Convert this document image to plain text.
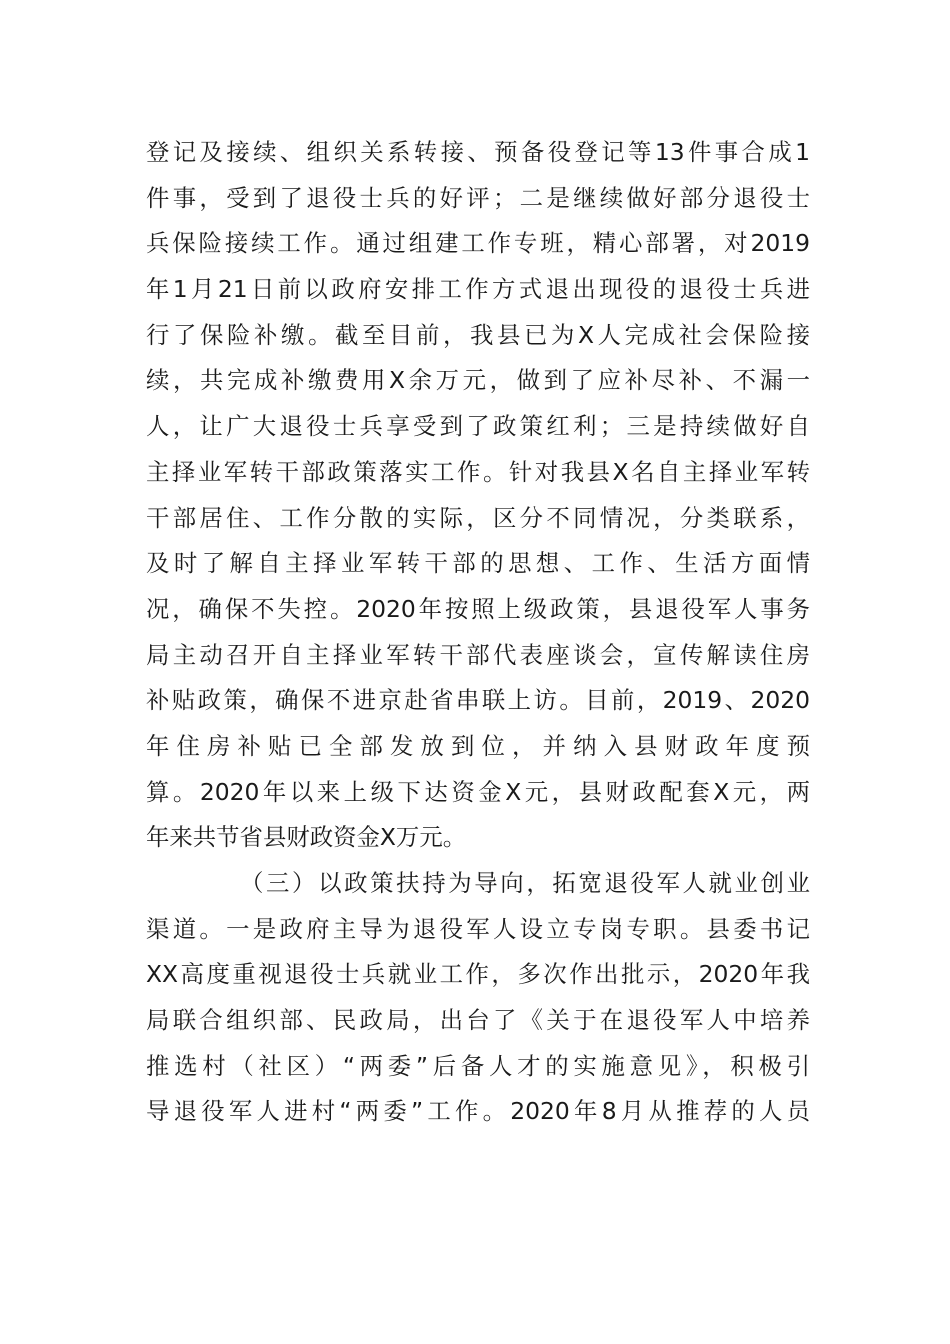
登记及接续、组织关系转接、预备役登记等13件事合成1
件事，受到了退役士兵的好评；二是继续做好部分退役士
兵保险接续工作。通过组建工作专班，精心部署，对2019
年1月21日前以政府安排工作方式退出现役的退役士兵进
行了保险补缴。截至目前，我县已为X人完成社会保险接
续，共完成补缴费用X余万元，做到了应补尽补、不漏一
人，让广大退役士兵享受到了政策红利；三是持续做好自
主择业军转干部政策落实工作。针对我县X名自主择业军转
干部居住、工作分散的实际，区分不同情况，分类联系，
及时了解自主择业军转干部的思想、工作、生活方面情
况，确保不失控。2020年按照上级政策，县退役军人事务
局主动召开自主择业军转干部代表座谈会，宣传解读住房
补贴政策，确保不进京赴省串联上访。目前，2019、2020
年住房补贴已全部发放到位，并纳入县财政年度预
算。2020年以来上级下达资金X元，县财政配套X元，两
年来共节省县财政资金X万元。
（三）以政策扶持为导向，拓宽退役军人就业创业
渠道。一是政府主导为退役军人设立专岗专职。县委书记
XX高度重视退役士兵就业工作，多次作出批示，2020年我
局联合组织部、民政局，出台了《关于在退役军人中培养
推选村（社区）“两委”后备人才的实施意见》，积极引
导退役军人进村“两委”工作。2020年8月从推荐的人员
